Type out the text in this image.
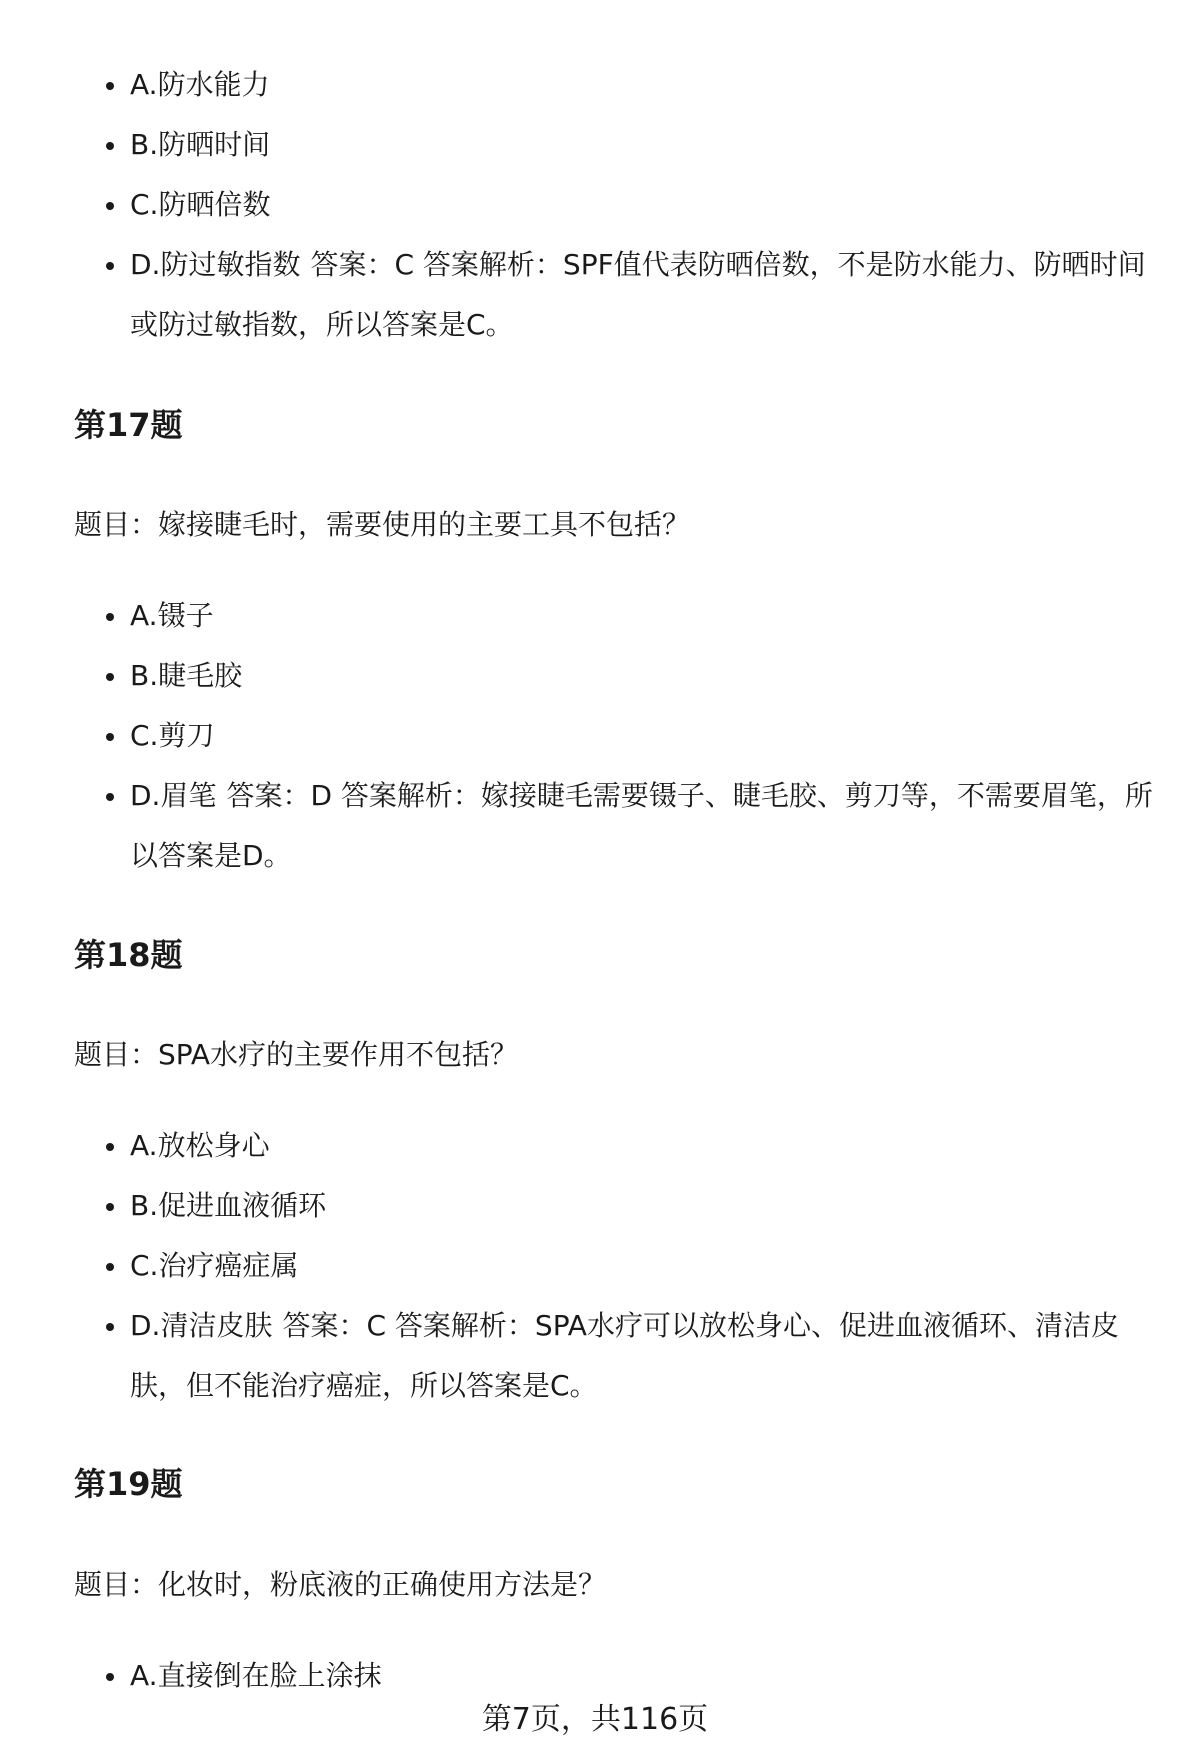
A.防水能力
B.防晒时间
C.防晒倍数
D.防过敏指数 答案：C 答案解析：SPF值代表防晒倍数，不是防水能力、防晒时间或防过敏指数，所以答案是C。
第17题

题目：嫁接睫毛时，需要使用的主要工具不包括？

A.镊子
B.睫毛胶
C.剪刀
D.眉笔 答案：D 答案解析：嫁接睫毛需要镊子、睫毛胶、剪刀等，不需要眉笔，所以答案是D。
第18题

题目：SPA水疗的主要作用不包括？

A.放松身心
B.促进血液循环
C.治疗癌症属
D.清洁皮肤 答案：C 答案解析：SPA水疗可以放松身心、促进血液循环、清洁皮肤，但不能治疗癌症，所以答案是C。
第19题

题目：化妆时，粉底液的正确使用方法是？

A.直接倒在脸上涂抹
第7页，共116页
